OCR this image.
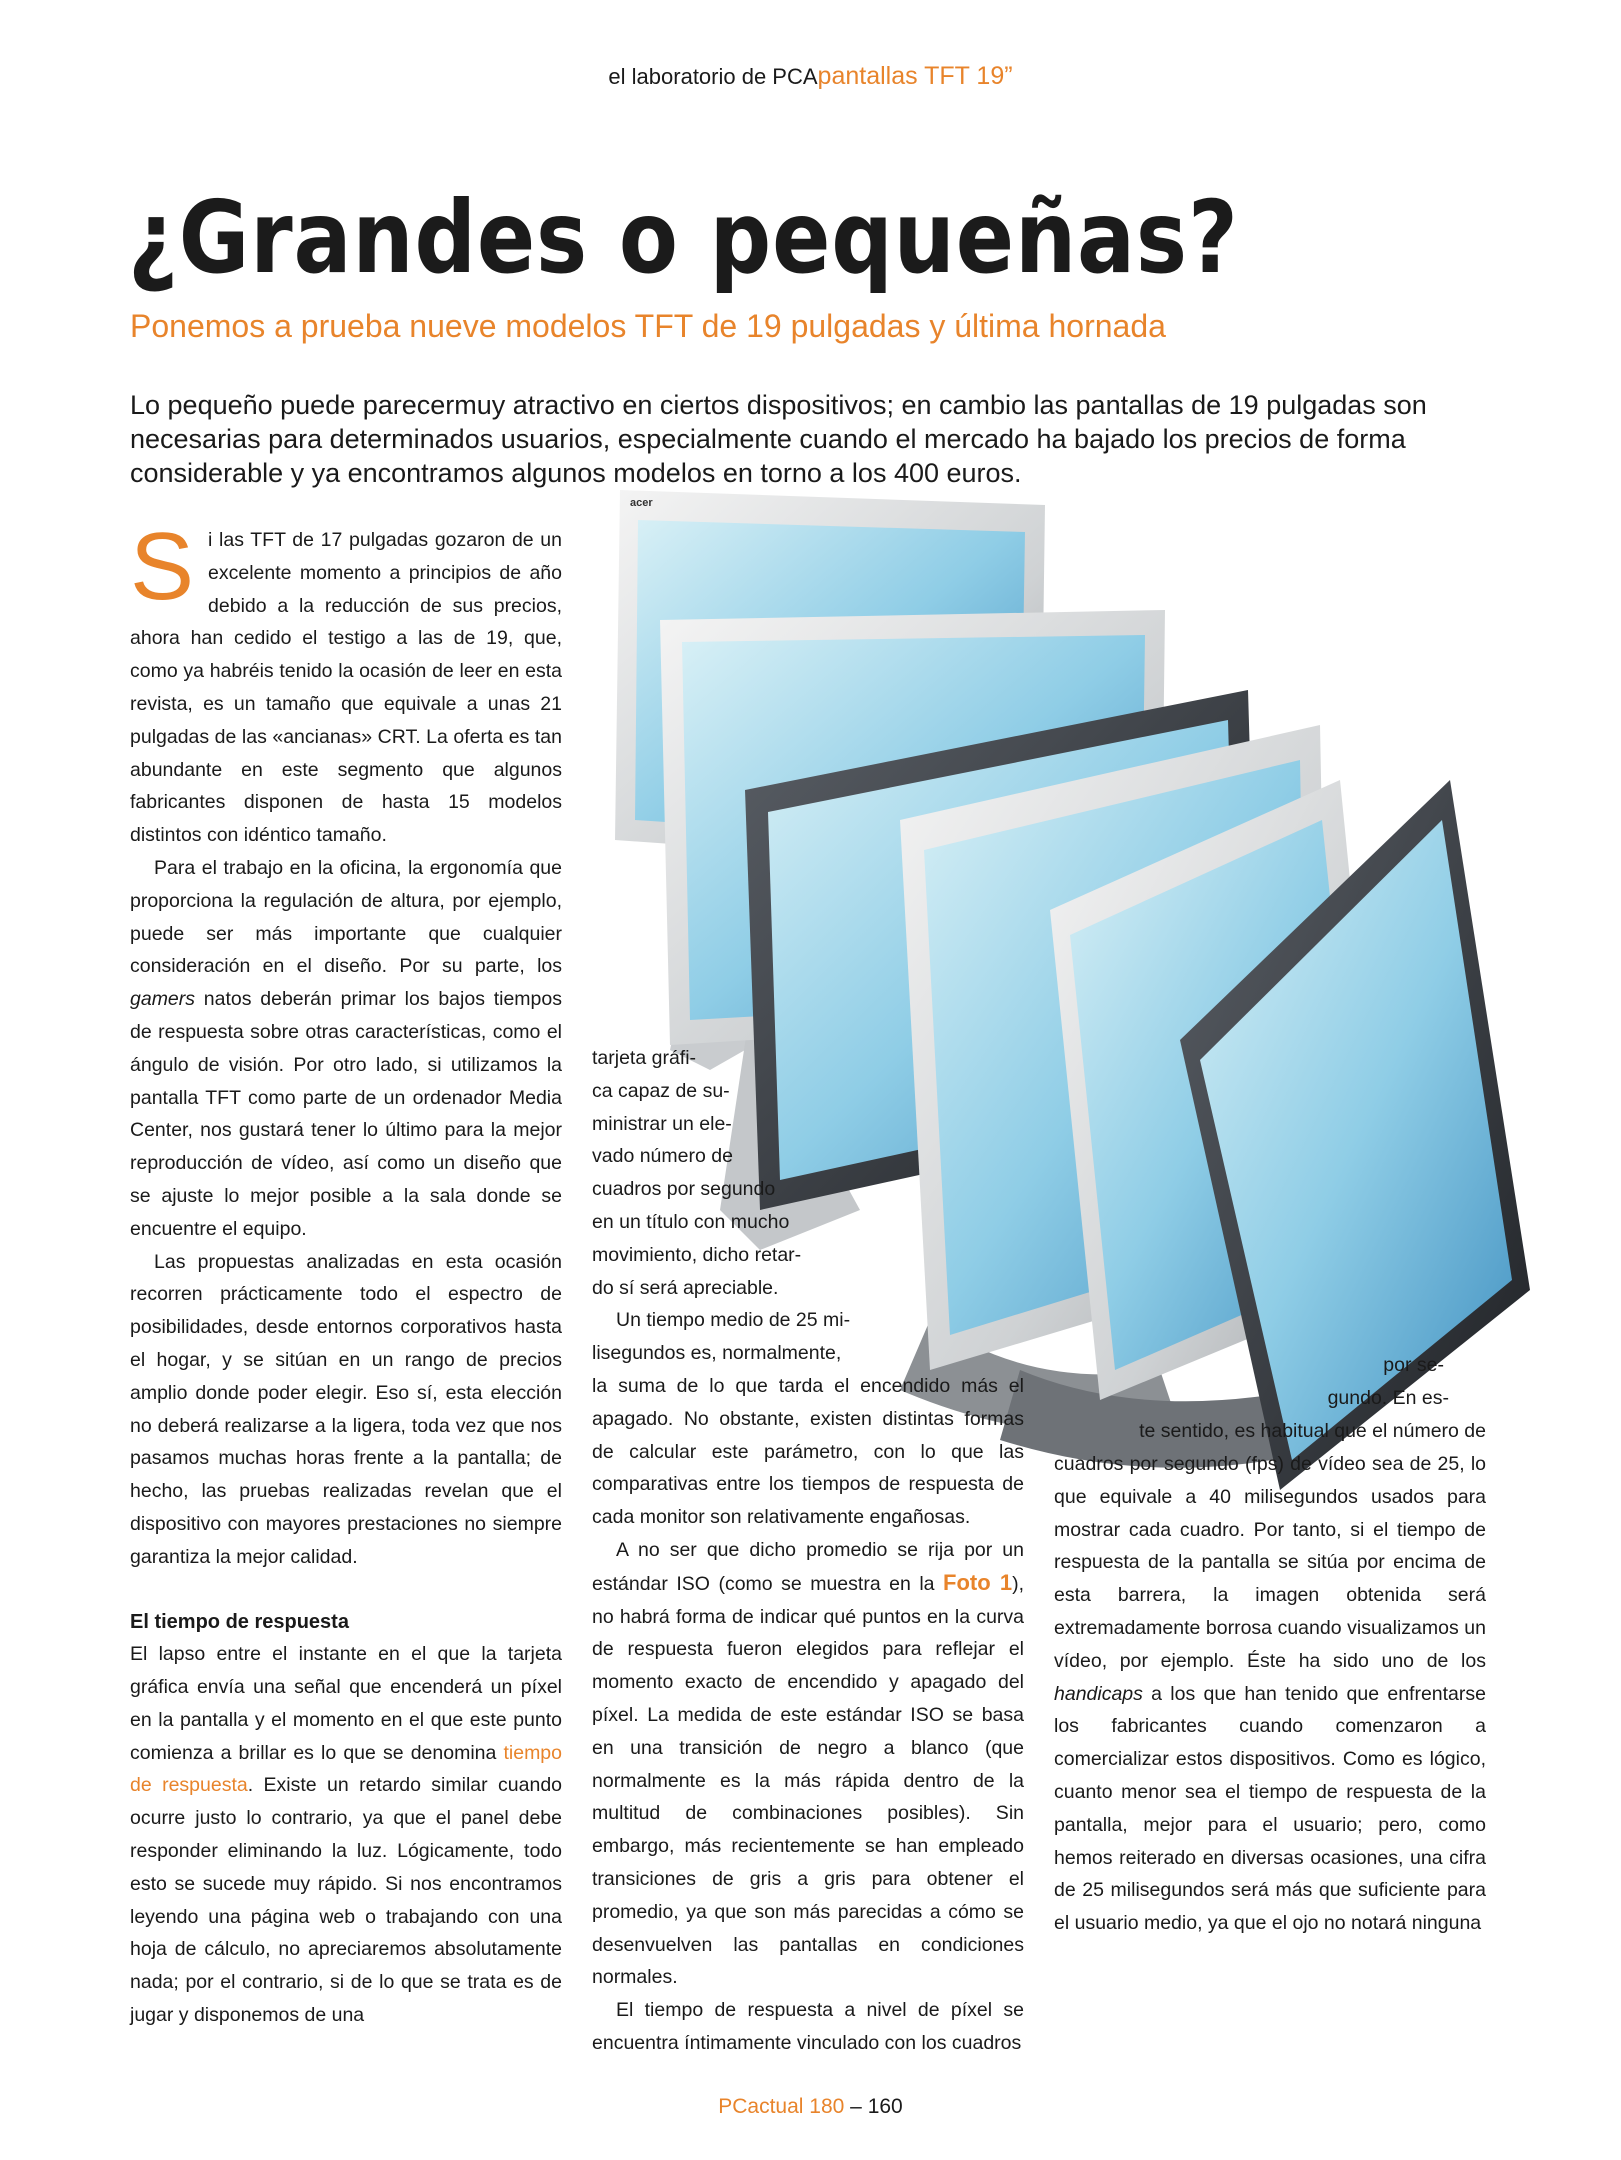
el laboratorio de PCApantallas TFT 19”
¿Grandes o pequeñas?
Ponemos a prueba nueve modelos TFT de 19 pulgadas y última hornada
Lo pequeño puede parecermuy atractivo en ciertos dispositivos; en cambio las pantallas de 19 pulgadas son necesarias para determinados usuarios, especialmente cuando el mercado ha bajado los precios de forma considerable y ya encontramos algunos modelos en torno a los 400 euros.
acer

Si las TFT de 17 pulgadas gozaron de un excelente momento a principios de año debido a la reducción de sus precios, ahora han cedido el testigo a las de 19, que, como ya habréis tenido la ocasión de leer en esta revista, es un tamaño que equivale a unas 21 pulgadas de las «ancianas» CRT. La oferta es tan abundante en este segmento que algunos fabricantes disponen de hasta 15 modelos distintos con idéntico tamaño.

Para el trabajo en la oficina, la ergonomía que proporciona la regulación de altura, por ejemplo, puede ser más importante que cualquier consideración en el diseño. Por su parte, los gamers natos deberán primar los bajos tiempos de respuesta sobre otras características, como el ángulo de visión. Por otro lado, si utilizamos la pantalla TFT como parte de un ordenador Media Center, nos gustará tener lo último para la mejor reproducción de vídeo, así como un diseño que se ajuste lo mejor posible a la sala donde se encuentre el equipo.

Las propuestas analizadas en esta ocasión recorren prácticamente todo el espectro de posibilidades, desde entornos corporativos hasta el hogar, y se sitúan en un rango de precios amplio donde poder elegir. Eso sí, esta elección no deberá realizarse a la ligera, toda vez que nos pasamos muchas horas frente a la pantalla; de hecho, las pruebas realizadas revelan que el dispositivo con mayores prestaciones no siempre garantiza la mejor calidad.

El tiempo de respuesta

El lapso entre el instante en el que la tarjeta gráfica envía una señal que encenderá un píxel en la pantalla y el momento en el que este punto comienza a brillar es lo que se denomina tiempo de respuesta. Existe un retardo similar cuando ocurre justo lo contrario, ya que el panel debe responder eliminando la luz. Lógicamente, todo esto se sucede muy rápido. Si nos encontramos leyendo una página web o trabajando con una hoja de cálculo, no apreciaremos absolutamente nada; por el contrario, si de lo que se trata es de jugar y disponemos de una

tarjeta gráfi-
ca capaz de su-
ministrar un ele-
vado número de
cuadros por segundo
en un título con mucho
movimiento, dicho retar-
do sí será apreciable.
Un tiempo medio de 25 mi-
lisegundos es, normalmente,

la suma de lo que tarda el encendido más el apagado. No obstante, existen distintas formas de calcular este parámetro, con lo que las comparativas entre los tiempos de respuesta de cada monitor son relativamente engañosas.

A no ser que dicho promedio se rija por un estándar ISO (como se muestra en la Foto 1), no habrá forma de indicar qué puntos en la curva de respuesta fueron elegidos para reflejar el momento exacto de encendido y apagado del píxel. La medida de este estándar ISO se basa en una transición de negro a blanco (que normalmente es la más rápida dentro de la multitud de combinaciones posibles). Sin embargo, más recientemente se han empleado transiciones de gris a gris para obtener el promedio, ya que son más parecidas a cómo se desenvuelven las pantallas en condiciones normales.

El tiempo de respuesta a nivel de píxel se encuentra íntimamente vinculado con los cuadros

por se-
gundo. En es-
te sentido, es habitual que el número de

cuadros por segundo (fps) de vídeo sea de 25, lo que equivale a 40 milisegundos usados para mostrar cada cuadro. Por tanto, si el tiempo de respuesta de la pantalla se sitúa por encima de esta barrera, la imagen obtenida será extremadamente borrosa cuando visualizamos un vídeo, por ejemplo. Éste ha sido uno de los handicaps a los que han tenido que enfrentarse los fabricantes cuando comenzaron a comercializar estos dispositivos. Como es lógico, cuanto menor sea el tiempo de respuesta de la pantalla, mejor para el usuario; pero, como hemos reiterado en diversas ocasiones, una cifra de 25 milisegundos será más que suficiente para el usuario medio, ya que el ojo no notará ninguna

PCactual 180 – 160
